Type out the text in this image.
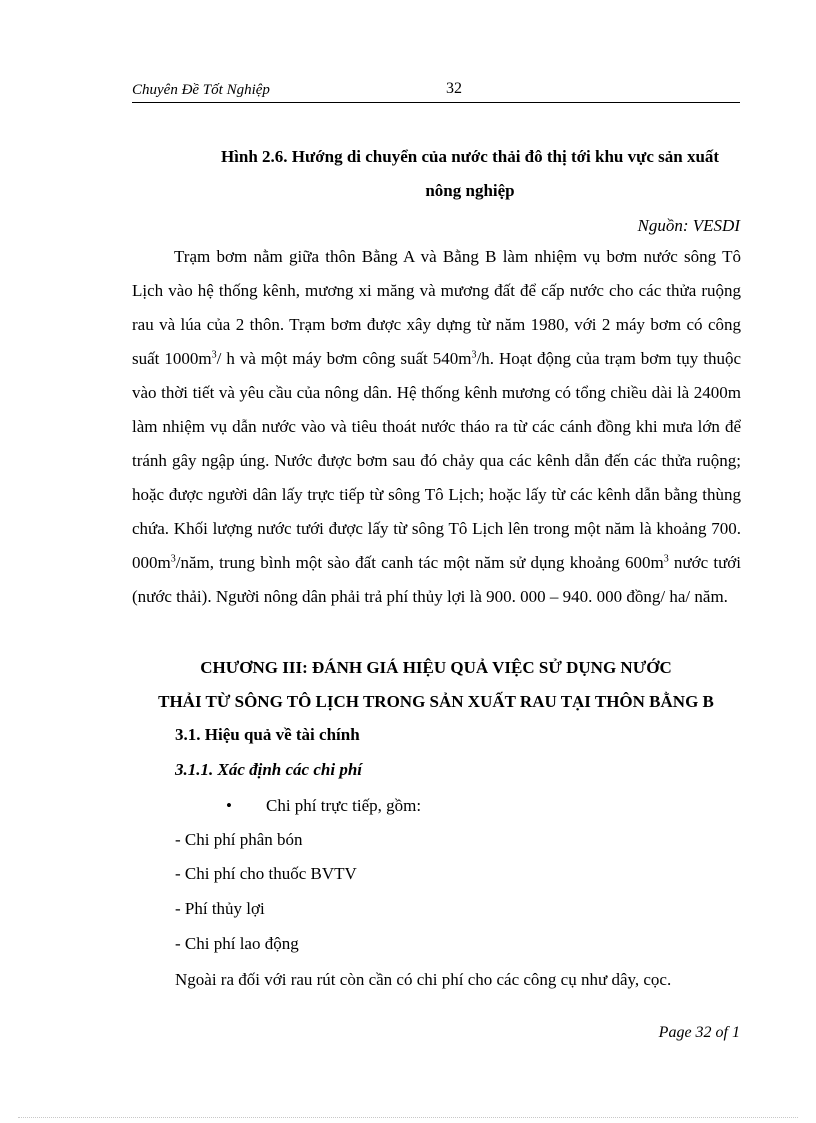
Chuyên Đề Tốt Nghiệp	32
Hình 2.6. Hướng di chuyển của nước thải đô thị tới khu vực sản xuất
nông nghiệp
Nguồn: VESDI

Trạm bơm nằm giữa thôn Bằng A và Bằng B làm nhiệm vụ bơm nước sông Tô Lịch vào hệ thống kênh, mương xi măng và mương đất để cấp nước cho các thửa ruộng rau và lúa của 2 thôn. Trạm bơm được xây dựng từ năm 1980, với 2 máy bơm có công suất $1000m^3/$ h và một máy bơm công suất $540m^3/h$. Hoạt động của trạm bơm tụy thuộc vào thời tiết và yêu cầu của nông dân. Hệ thống kênh mương có tổng chiều dài là 2400m làm nhiệm vụ dẫn nước vào và tiêu thoát nước tháo ra từ các cánh đồng khi mưa lớn để tránh gây ngập úng. Nước được bơm sau đó chảy qua các kênh dẫn đến các thửa ruộng; hoặc được người dân lấy trực tiếp từ sông Tô Lịch; hoặc lấy từ các kênh dẫn bằng thùng chứa. Khối lượng nước tưới được lấy từ sông Tô Lịch lên trong một năm là khoảng 700. $000m^3$/năm, trung bình một sào đất canh tác một năm sử dụng khoảng $600m^3$ nước tưới (nước thải). Người nông dân phải trả phí thủy lợi là 900. 000 – 940. 000 đồng/ ha/ năm.

CHƯƠNG III: ĐÁNH GIÁ HIỆU QUẢ VIỆC SỬ DỤNG NƯỚC
THẢI TỪ SÔNG TÔ LỊCH TRONG SẢN XUẤT RAU TẠI THÔN BẰNG B
3.1. Hiệu quả về tài chính
3.1.1. Xác định các chi phí
• Chi phí trực tiếp, gồm:
- Chi phí phân bón
- Chi phí cho thuốc BVTV
- Phí thủy lợi
- Chi phí lao động
Ngoài ra đối với rau rút còn cần có chi phí cho các công cụ như dây, cọc.
Page 32 of 1
